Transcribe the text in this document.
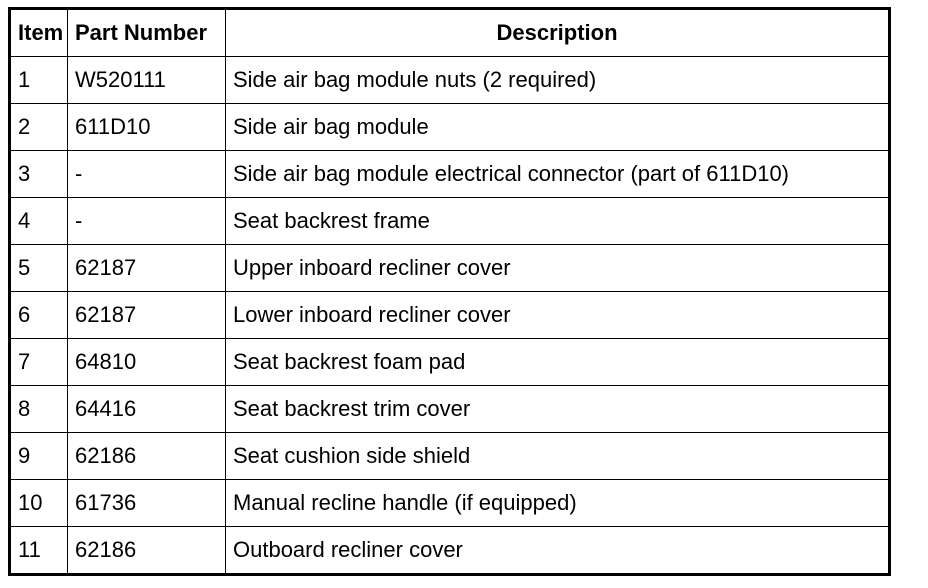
Item	Part Number	Description
1	W520111	Side air bag module nuts (2 required)
2	611D10	Side air bag module
3	-	Side air bag module electrical connector (part of 611D10)
4	-	Seat backrest frame
5	62187	Upper inboard recliner cover
6	62187	Lower inboard recliner cover
7	64810	Seat backrest foam pad
8	64416	Seat backrest trim cover
9	62186	Seat cushion side shield
10	61736	Manual recline handle (if equipped)
11	62186	Outboard recliner cover
